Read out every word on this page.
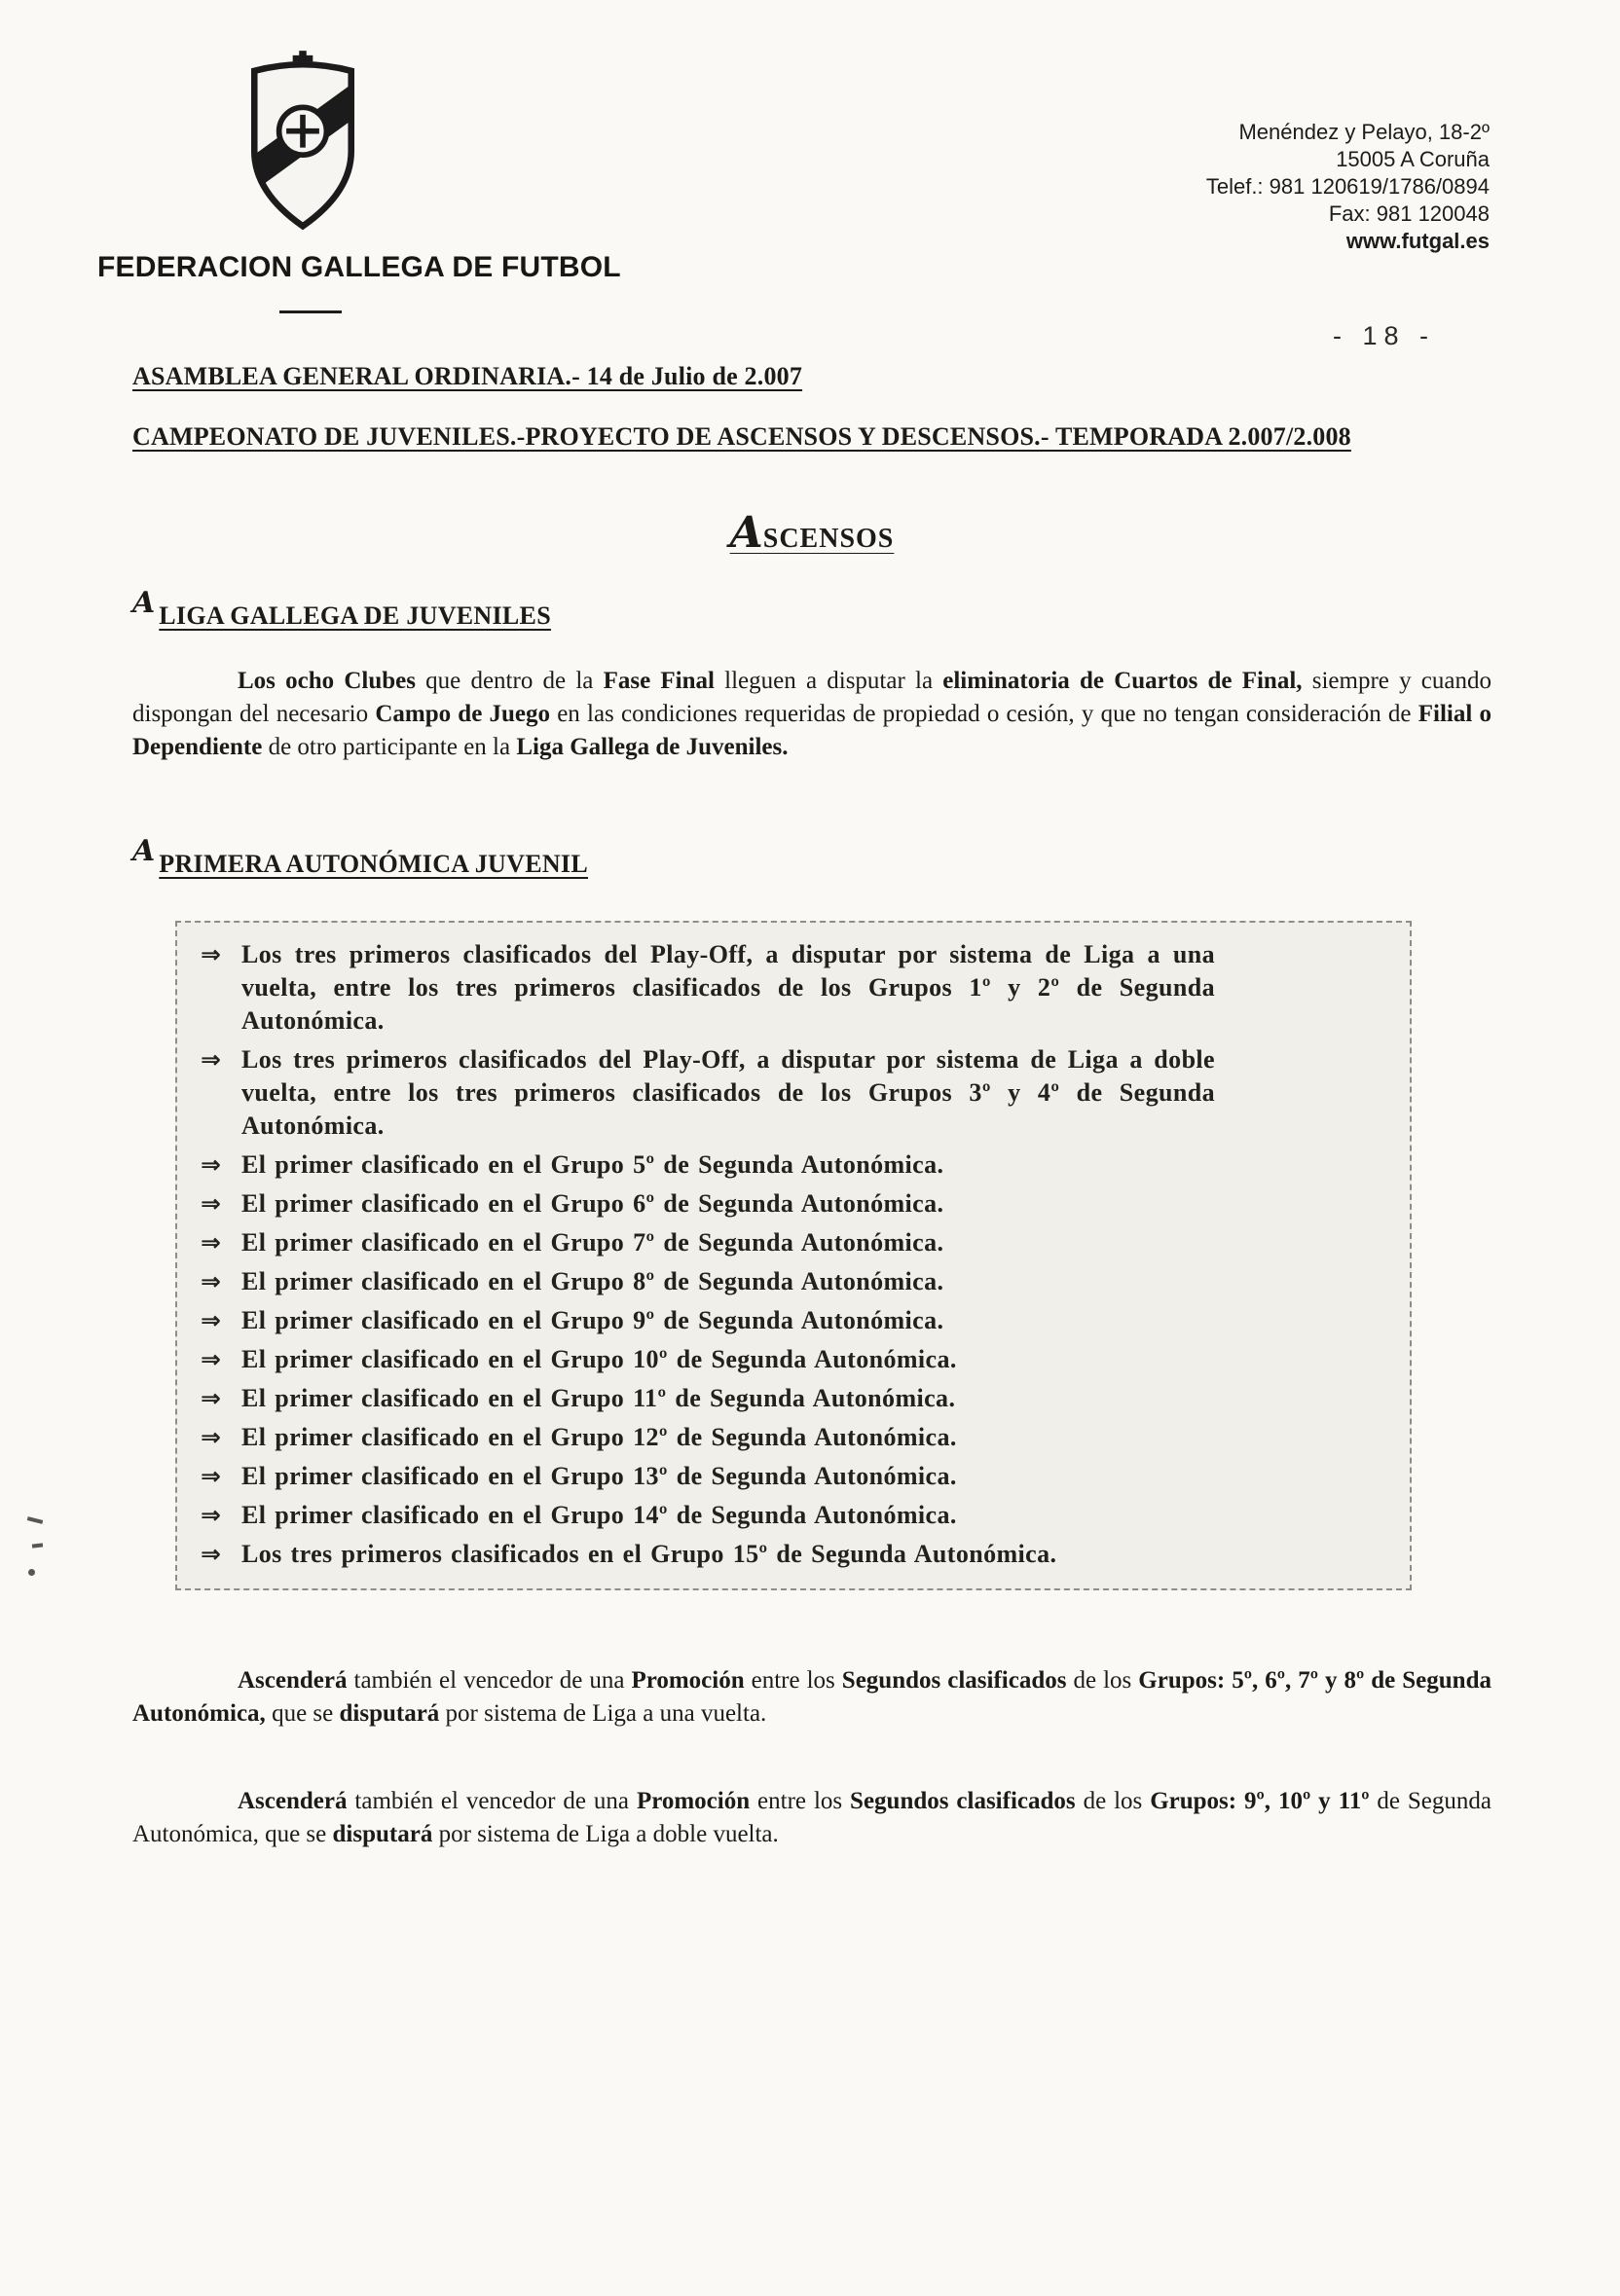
FEDERACION GALLEGA DE FUTBOL
Menéndez y Pelayo, 18-2º
15005 A Coruña
Telef.: 981 120619/1786/0894
Fax: 981 120048
www.futgal.es
- 18 -
ASAMBLEA GENERAL ORDINARIA.- 14 de Julio de 2.007
CAMPEONATO DE JUVENILES.-PROYECTO DE ASCENSOS Y DESCENSOS.- TEMPORADA 2.007/2.008
ASCENSOS
A LIGA GALLEGA DE JUVENILES

Los ocho Clubes que dentro de la Fase Final lleguen a disputar la eliminatoria de Cuartos de Final, siempre y cuando dispongan del necesario Campo de Juego en las condiciones requeridas de propiedad o cesión, y que no tengan consideración de Filial o Dependiente de otro participante en la Liga Gallega de Juveniles.

A PRIMERA AUTONÓMICA JUVENIL
⇒ Los tres primeros clasificados del Play-Off, a disputar por sistema de Liga a una vuelta, entre los tres primeros clasificados de los Grupos 1º y 2º de Segunda Autonómica.
⇒ Los tres primeros clasificados del Play-Off, a disputar por sistema de Liga a doble vuelta, entre los tres primeros clasificados de los Grupos 3º y 4º de Segunda Autonómica.
⇒ El primer clasificado en el Grupo 5º de Segunda Autonómica.
⇒ El primer clasificado en el Grupo 6º de Segunda Autonómica.
⇒ El primer clasificado en el Grupo 7º de Segunda Autonómica.
⇒ El primer clasificado en el Grupo 8º de Segunda Autonómica.
⇒ El primer clasificado en el Grupo 9º de Segunda Autonómica.
⇒ El primer clasificado en el Grupo 10º de Segunda Autonómica.
⇒ El primer clasificado en el Grupo 11º de Segunda Autonómica.
⇒ El primer clasificado en el Grupo 12º de Segunda Autonómica.
⇒ El primer clasificado en el Grupo 13º de Segunda Autonómica.
⇒ El primer clasificado en el Grupo 14º de Segunda Autonómica.
⇒ Los tres primeros clasificados en el Grupo 15º de Segunda Autonómica.

Ascenderá también el vencedor de una Promoción entre los Segundos clasificados de los Grupos: 5º, 6º, 7º y 8º de Segunda Autonómica, que se disputará por sistema de Liga a una vuelta.

Ascenderá también el vencedor de una Promoción entre los Segundos clasificados de los Grupos: 9º, 10º y 11º de Segunda Autonómica, que se disputará por sistema de Liga a doble vuelta.
